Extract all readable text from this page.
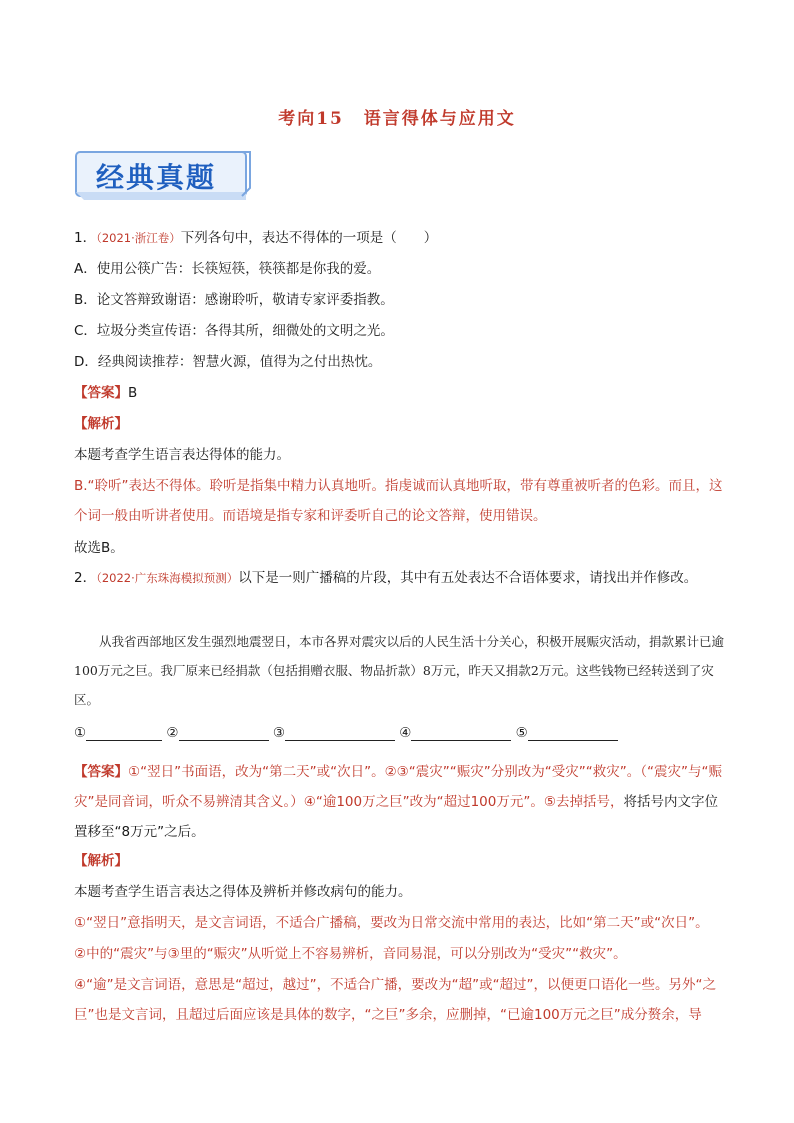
考向15 语言得体与应用文
经典真题
1．（2021·浙江卷）下列各句中，表达不得体的一项是（　　）
A．使用公筷广告：长筷短筷，筷筷都是你我的爱。
B．论文答辩致谢语：感谢聆听，敬请专家评委指教。
C．垃圾分类宣传语：各得其所，细微处的文明之光。
D．经典阅读推荐：智慧火源，值得为之付出热忱。
【答案】B
【解析】
本题考查学生语言表达得体的能力。
B.“聆听”表达不得体。聆听是指集中精力认真地听。指虔诚而认真地听取，带有尊重被听者的色彩。而且，这个词一般由听讲者使用。而语境是指专家和评委听自己的论文答辩，使用错误。
故选B。
2．（2022·广东珠海模拟预测）以下是一则广播稿的片段，其中有五处表达不合语体要求，请找出并作修改。
从我省西部地区发生强烈地震翌日，本市各界对震灾以后的人民生活十分关心，积极开展赈灾活动，捐款累计已逾100万元之巨。我厂原来已经捐款（包括捐赠衣服、物品折款）8万元，昨天又捐款2万元。这些钱物已经转送到了灾区。
①	②	③	④	⑤
【答案】①“翌日”书面语，改为“第二天”或“次日”。②③“震灾”“赈灾”分别改为“受灾”“救灾”。（“震灾”与“赈灾”是同音词，听众不易辨清其含义。）④“逾100万之巨”改为“超过100万元”。⑤去掉括号，将括号内文字位置移至“8万元”之后。
【解析】
本题考查学生语言表达之得体及辨析并修改病句的能力。
①“翌日”意指明天，是文言词语，不适合广播稿，要改为日常交流中常用的表达，比如“第二天”或“次日”。
②中的“震灾”与③里的“赈灾”从听觉上不容易辨析，音同易混，可以分别改为“受灾”“救灾”。
④“逾”是文言词语，意思是“超过，越过”，不适合广播，要改为“超”或“超过”，以便更口语化一些。另外“之巨”也是文言词，且超过后面应该是具体的数字，“之巨”多余，应删掉，“已逾100万元之巨”成分赘余，导
